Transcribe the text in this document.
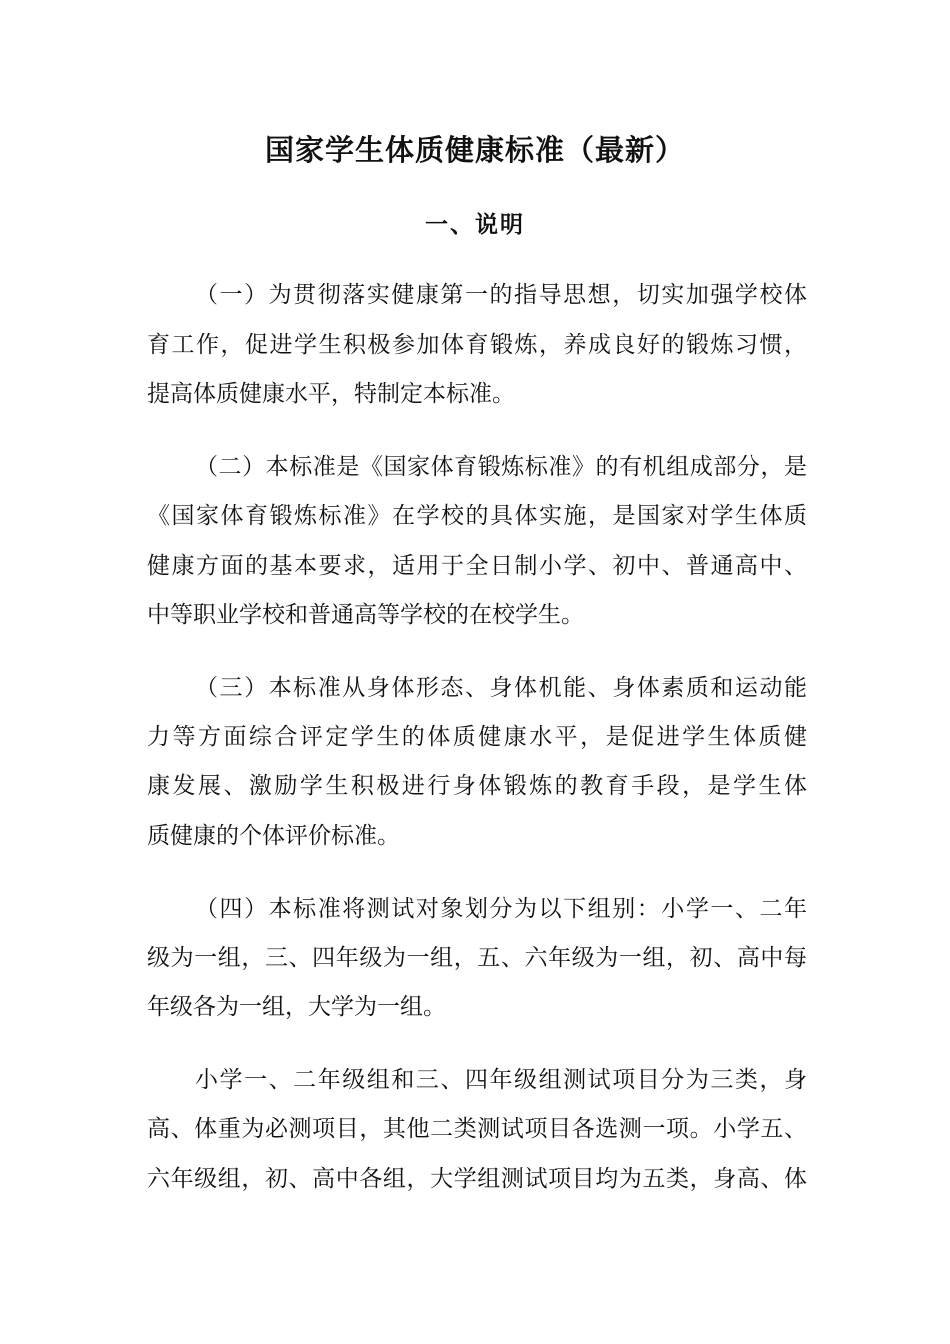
国家学生体质健康标准（最新）
一、说明
（一）为贯彻落实健康第一的指导思想，切实加强学校体
育工作，促进学生积极参加体育锻炼，养成良好的锻炼习惯，
提高体质健康水平，特制定本标准。
（二）本标准是《国家体育锻炼标准》的有机组成部分，是
《国家体育锻炼标准》在学校的具体实施，是国家对学生体质
健康方面的基本要求，适用于全日制小学、初中、普通高中、
中等职业学校和普通高等学校的在校学生。
（三）本标准从身体形态、身体机能、身体素质和运动能
力等方面综合评定学生的体质健康水平，是促进学生体质健
康发展、激励学生积极进行身体锻炼的教育手段，是学生体
质健康的个体评价标准。
（四）本标准将测试对象划分为以下组别：小学一、二年
级为一组，三、四年级为一组，五、六年级为一组，初、高中每
年级各为一组，大学为一组。
小学一、二年级组和三、四年级组测试项目分为三类，身
高、体重为必测项目，其他二类测试项目各选测一项。小学五、
六年级组，初、高中各组，大学组测试项目均为五类，身高、体
